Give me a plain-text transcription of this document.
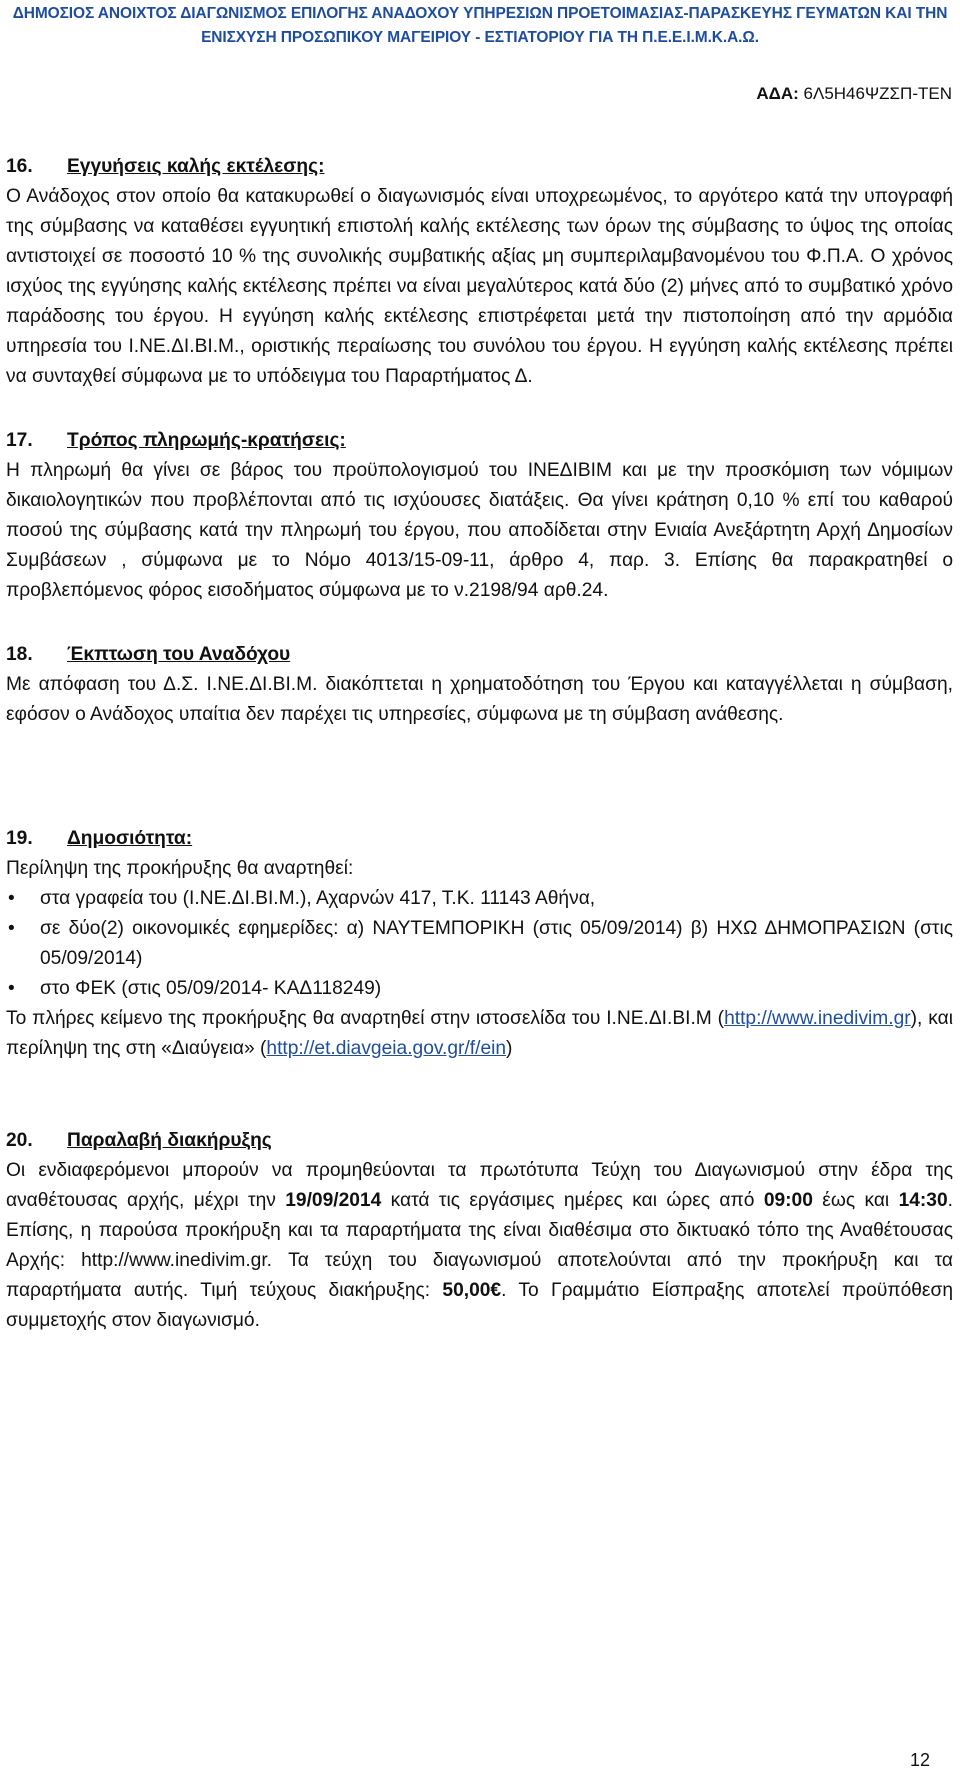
ΔΗΜΟΣΙΟΣ ΑΝΟΙΧΤΟΣ ΔΙΑΓΩΝΙΣΜΟΣ ΕΠΙΛΟΓΗΣ ΑΝΑΔΟΧΟΥ ΥΠΗΡΕΣΙΩΝ ΠΡΟΕΤΟΙΜΑΣΙΑΣ-ΠΑΡΑΣΚΕΥΗΣ ΓΕΥΜΑΤΩΝ ΚΑΙ ΤΗΝ
ΕΝΙΣΧΥΣΗ ΠΡΟΣΩΠΙΚΟΥ ΜΑΓΕΙΡΙΟΥ - ΕΣΤΙΑΤΟΡΙΟΥ ΓΙΑ ΤΗ Π.Ε.Ε.Ι.Μ.Κ.Α.Ω.
ΑΔΑ: 6Λ5Η46ΨΖΣΠ-ΤΕΝ
16.	Εγγυήσεις καλής εκτέλεσης:

Ο Ανάδοχος στον οποίο θα κατακυρωθεί ο διαγωνισμός είναι υποχρεωμένος, το αργότερο κατά την υπογραφή της σύμβασης να καταθέσει εγγυητική επιστολή καλής εκτέλεσης των όρων της σύμβασης το ύψος της οποίας αντιστοιχεί σε ποσοστό 10 % της συνολικής συμβατικής αξίας μη συμπεριλαμβανομένου του Φ.Π.Α. Ο χρόνος ισχύος της εγγύησης καλής εκτέλεσης πρέπει να είναι μεγαλύτερος κατά δύο (2) μήνες από το συμβατικό χρόνο παράδοσης του έργου. Η εγγύηση καλής εκτέλεσης επιστρέφεται μετά την πιστοποίηση από την αρμόδια υπηρεσία του Ι.ΝΕ.ΔΙ.ΒΙ.Μ., οριστικής περαίωσης του συνόλου του έργου. Η εγγύηση καλής εκτέλεσης πρέπει να συνταχθεί σύμφωνα με το υπόδειγμα του Παραρτήματος Δ.

17.	Τρόπος πληρωμής-κρατήσεις:

Η πληρωμή θα γίνει σε βάρος του προϋπολογισμού του ΙΝΕΔΙΒΙΜ και με την προσκόμιση των νόμιμων δικαιολογητικών που προβλέπονται από τις ισχύουσες διατάξεις. Θα γίνει κράτηση 0,10 % επί του καθαρού ποσού της σύμβασης κατά την πληρωμή του έργου, που αποδίδεται στην Ενιαία Ανεξάρτητη Αρχή Δημοσίων Συμβάσεων , σύμφωνα με το Νόμο 4013/15-09-11, άρθρο 4, παρ. 3. Επίσης θα παρακρατηθεί ο προβλεπόμενος φόρος εισοδήματος σύμφωνα με το ν.2198/94 αρθ.24.

18.	Έκπτωση του Αναδόχου

Με απόφαση του Δ.Σ. Ι.ΝΕ.ΔΙ.ΒΙ.Μ. διακόπτεται η χρηματοδότηση του Έργου και καταγγέλλεται η σύμβαση, εφόσον ο Ανάδοχος υπαίτια δεν παρέχει τις υπηρεσίες, σύμφωνα με τη σύμβαση ανάθεσης.

19.	Δημοσιότητα:

Περίληψη της προκήρυξης θα αναρτηθεί:

• στα γραφεία του (Ι.ΝΕ.ΔΙ.ΒΙ.Μ.), Αχαρνών 417, Τ.Κ. 11143 Αθήνα,
• σε δύο(2) οικονομικές εφημερίδες: α) ΝΑΥΤΕΜΠΟΡΙΚΗ (στις 05/09/2014) β) ΗΧΩ ΔΗΜΟΠΡΑΣΙΩΝ (στις 05/09/2014)
• στο ΦΕΚ (στις 05/09/2014- ΚΑΔ118249)

Το πλήρες κείμενο της προκήρυξης θα αναρτηθεί στην ιστοσελίδα του Ι.ΝΕ.ΔΙ.ΒΙ.Μ (http://www.inedivim.gr), και περίληψη της στη «Διαύγεια» (http://et.diavgeia.gov.gr/f/ein)

20.	Παραλαβή διακήρυξης

Οι ενδιαφερόμενοι μπορούν να προμηθεύονται τα πρωτότυπα Τεύχη του Διαγωνισμού στην έδρα της αναθέτουσας αρχής, μέχρι την 19/09/2014 κατά τις εργάσιμες ημέρες και ώρες από 09:00 έως και 14:30. Επίσης, η παρούσα προκήρυξη και τα παραρτήματα της είναι διαθέσιμα στο δικτυακό τόπο της Αναθέτουσας Αρχής: http://www.inedivim.gr. Τα τεύχη του διαγωνισμού αποτελούνται από την προκήρυξη και τα παραρτήματα αυτής. Τιμή τεύχους διακήρυξης: 50,00€. Το Γραμμάτιο Είσπραξης αποτελεί προϋπόθεση συμμετοχής στον διαγωνισμό.

12
